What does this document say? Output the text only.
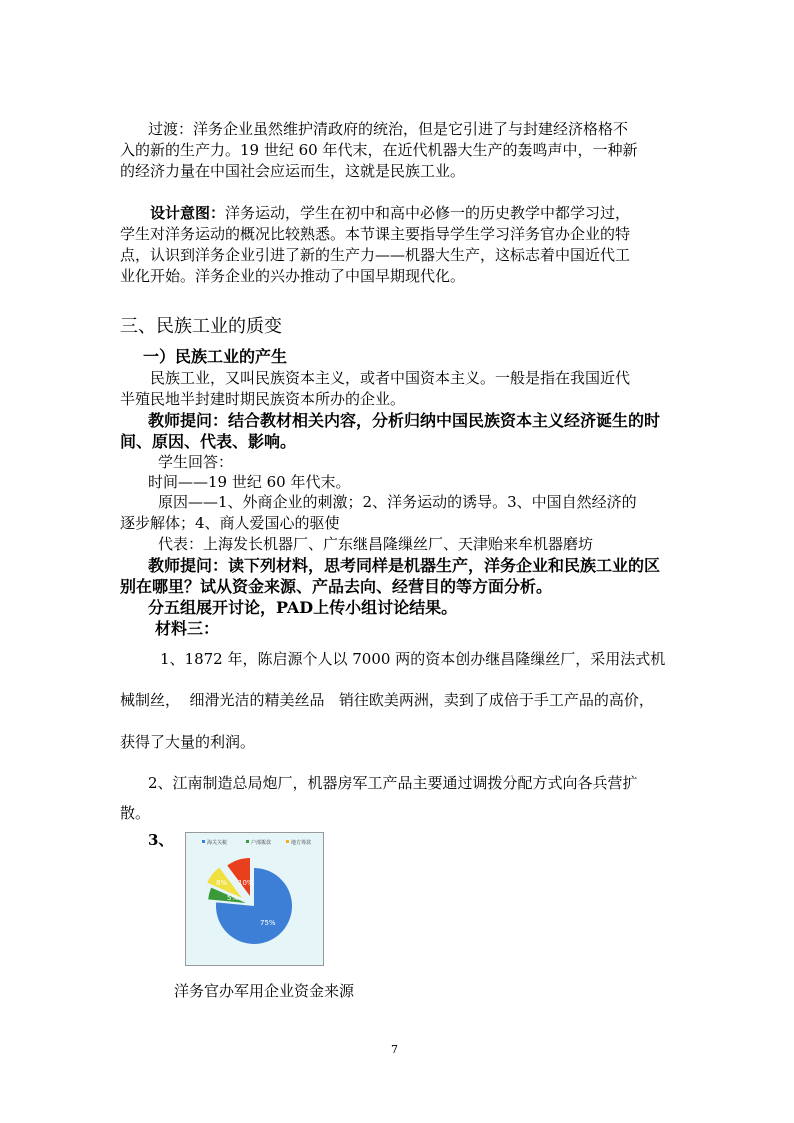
过渡：洋务企业虽然维护清政府的统治，但是它引进了与封建经济格格不

入的新的生产力。19 世纪 60 年代末，在近代机器大生产的轰鸣声中，一种新

的经济力量在中国社会应运而生，这就是民族工业。

设计意图：洋务运动，学生在初中和高中必修一的历史教学中都学习过，

学生对洋务运动的概况比较熟悉。本节课主要指导学生学习洋务官办企业的特

点，认识到洋务企业引进了新的生产力——机器大生产，这标志着中国近代工

业化开始。洋务企业的兴办推动了中国早期现代化。

三、民族工业的质变

一）民族工业的产生

民族工业，又叫民族资本主义，或者中国资本主义。一般是指在我国近代

半殖民地半封建时期民族资本所办的企业。

教师提问：结合教材相关内容，分析归纳中国民族资本主义经济诞生的时

间、原因、代表、影响。

学生回答：

时间——19 世纪 60 年代末。

原因——1、外商企业的刺激；2、洋务运动的诱导。3、中国自然经济的

逐步解体；4、商人爱国心的驱使

代表：上海发长机器厂、广东继昌隆缫丝厂、天津贻来牟机器磨坊

教师提问：读下列材料，思考同样是机器生产，洋务企业和民族工业的区

别在哪里？试从资金来源、产品去向、经营目的等方面分析。

分五组展开讨论，PAD上传小组讨论结果。

材料三：

1、1872 年，陈启源个人以 7000 两的资本创办继昌隆缫丝厂，采用法式机

械制丝，  细滑光洁的精美丝品   销往欧美两洲，卖到了成倍于手工产品的高价，

获得了大量的利润。

2、江南制造总局炮厂，机器房军工产品主要通过调拨分配方式向各兵营扩

散。

3、	海关关税	户部拨款	地方筹款
75%
5%
8% 10%
洋务官办军用企业资金来源
7
